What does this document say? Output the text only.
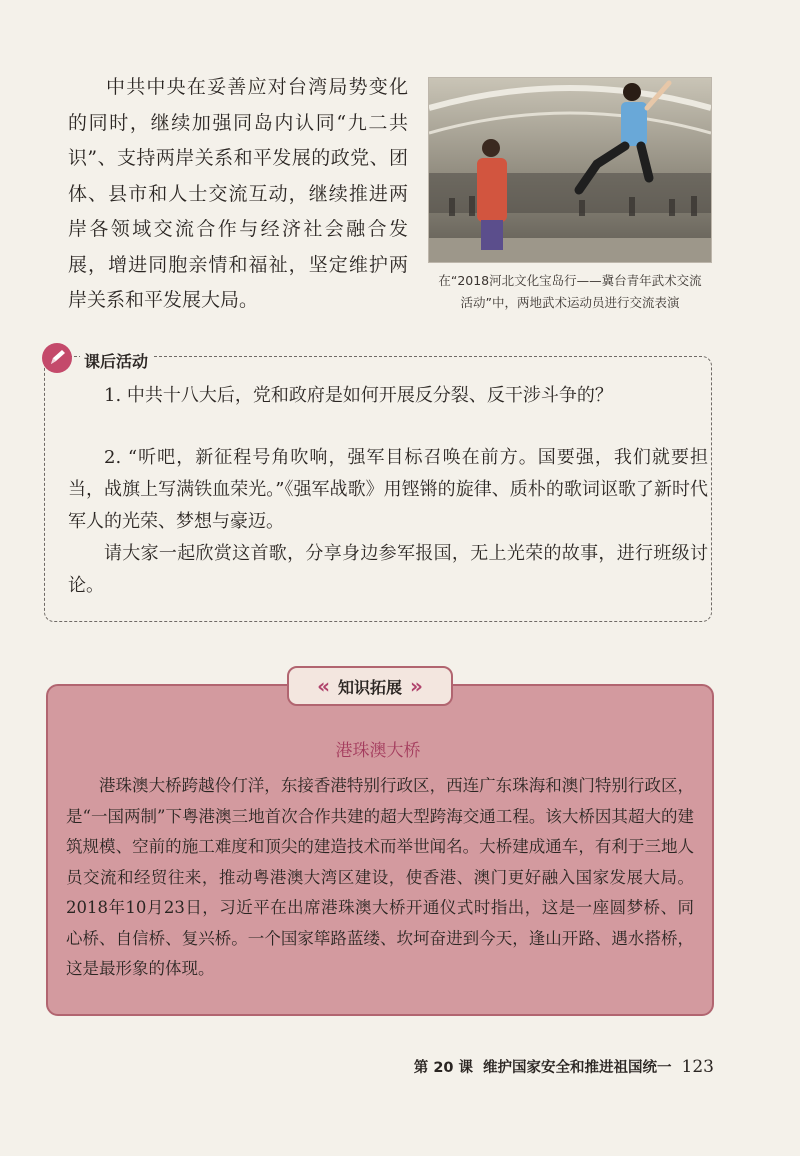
中共中央在妥善应对台湾局势变化的同时，继续加强同岛内认同“九二共识”、支持两岸关系和平发展的政党、团体、县市和人士交流互动，继续推进两岸各领域交流合作与经济社会融合发展，增进同胞亲情和福祉，坚定维护两岸关系和平发展大局。

在“2018河北文化宝岛行——冀台青年武术交流
活动”中，两地武术运动员进行交流表演
课后活动

1. 中共十八大后，党和政府是如何开展反分裂、反干涉斗争的？

2. “听吧，新征程号角吹响，强军目标召唤在前方。国要强，我们就要担当，战旗上写满铁血荣光。”《强军战歌》用铿锵的旋律、质朴的歌词讴歌了新时代军人的光荣、梦想与豪迈。

请大家一起欣赏这首歌，分享身边参军报国，无上光荣的故事，进行班级讨论。

« 知识拓展 »
港珠澳大桥

港珠澳大桥跨越伶仃洋，东接香港特别行政区，西连广东珠海和澳门特别行政区，是“一国两制”下粤港澳三地首次合作共建的超大型跨海交通工程。该大桥因其超大的建筑规模、空前的施工难度和顶尖的建造技术而举世闻名。大桥建成通车，有利于三地人员交流和经贸往来，推动粤港澳大湾区建设，使香港、澳门更好融入国家发展大局。2018年10月23日，习近平在出席港珠澳大桥开通仪式时指出，这是一座圆梦桥、同心桥、自信桥、复兴桥。一个国家筚路蓝缕、坎坷奋进到今天，逢山开路、遇水搭桥，这是最形象的体现。

第 20 课 维护国家安全和推进祖国统一 123
